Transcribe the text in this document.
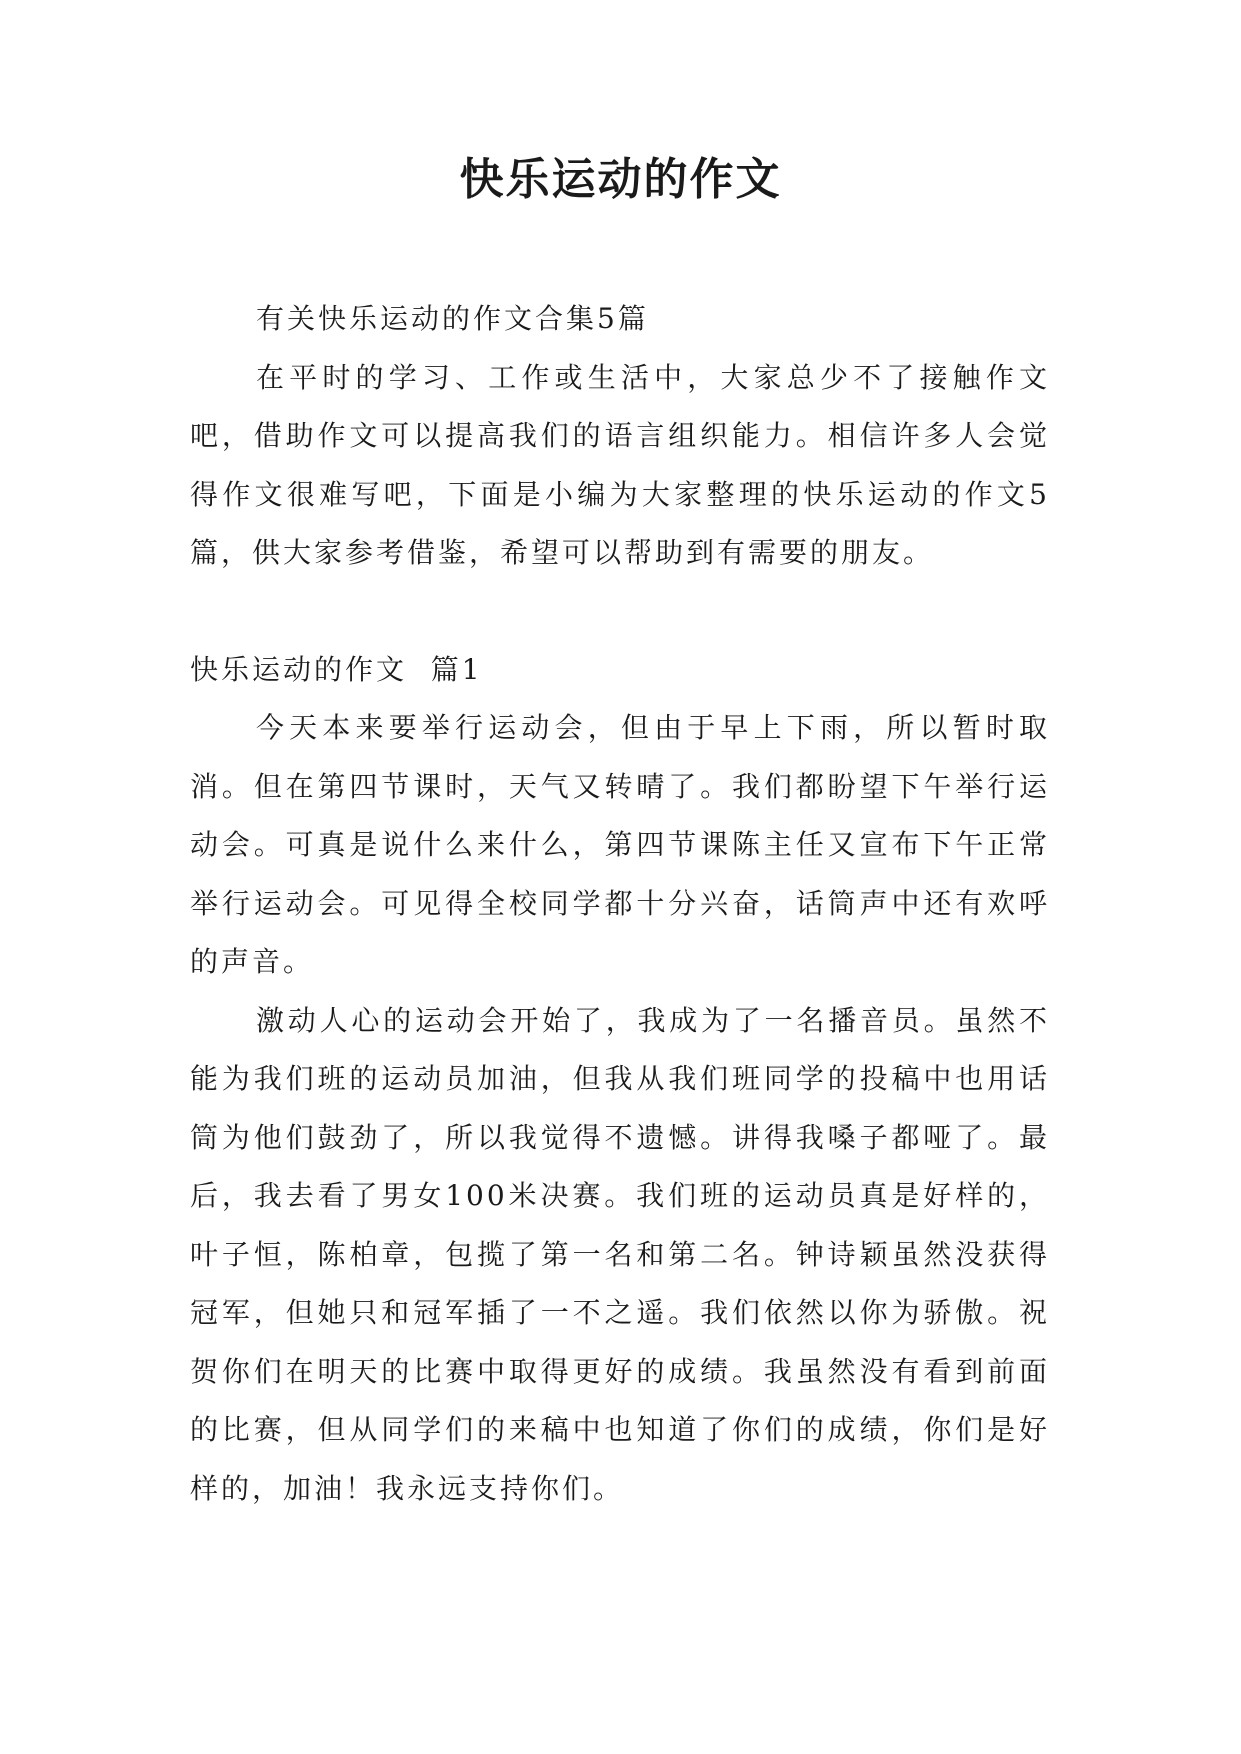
快乐运动的作文

有关快乐运动的作文合集5篇

在平时的学习、工作或生活中，大家总少不了接触作文吧，借助作文可以提高我们的语言组织能力。相信许多人会觉得作文很难写吧，下面是小编为大家整理的快乐运动的作文5篇，供大家参考借鉴，希望可以帮助到有需要的朋友。

快乐运动的作文  篇1

今天本来要举行运动会，但由于早上下雨，所以暂时取消。但在第四节课时，天气又转晴了。我们都盼望下午举行运动会。可真是说什么来什么，第四节课陈主任又宣布下午正常举行运动会。可见得全校同学都十分兴奋，话筒声中还有欢呼的声音。

激动人心的运动会开始了，我成为了一名播音员。虽然不能为我们班的运动员加油，但我从我们班同学的投稿中也用话筒为他们鼓劲了，所以我觉得不遗憾。讲得我嗓子都哑了。最后，我去看了男女100米决赛。我们班的运动员真是好样的，叶子恒，陈柏章，包揽了第一名和第二名。钟诗颖虽然没获得冠军，但她只和冠军插了一不之遥。我们依然以你为骄傲。祝贺你们在明天的比赛中取得更好的成绩。我虽然没有看到前面的比赛，但从同学们的来稿中也知道了你们的成绩，你们是好样的，加油！我永远支持你们。
